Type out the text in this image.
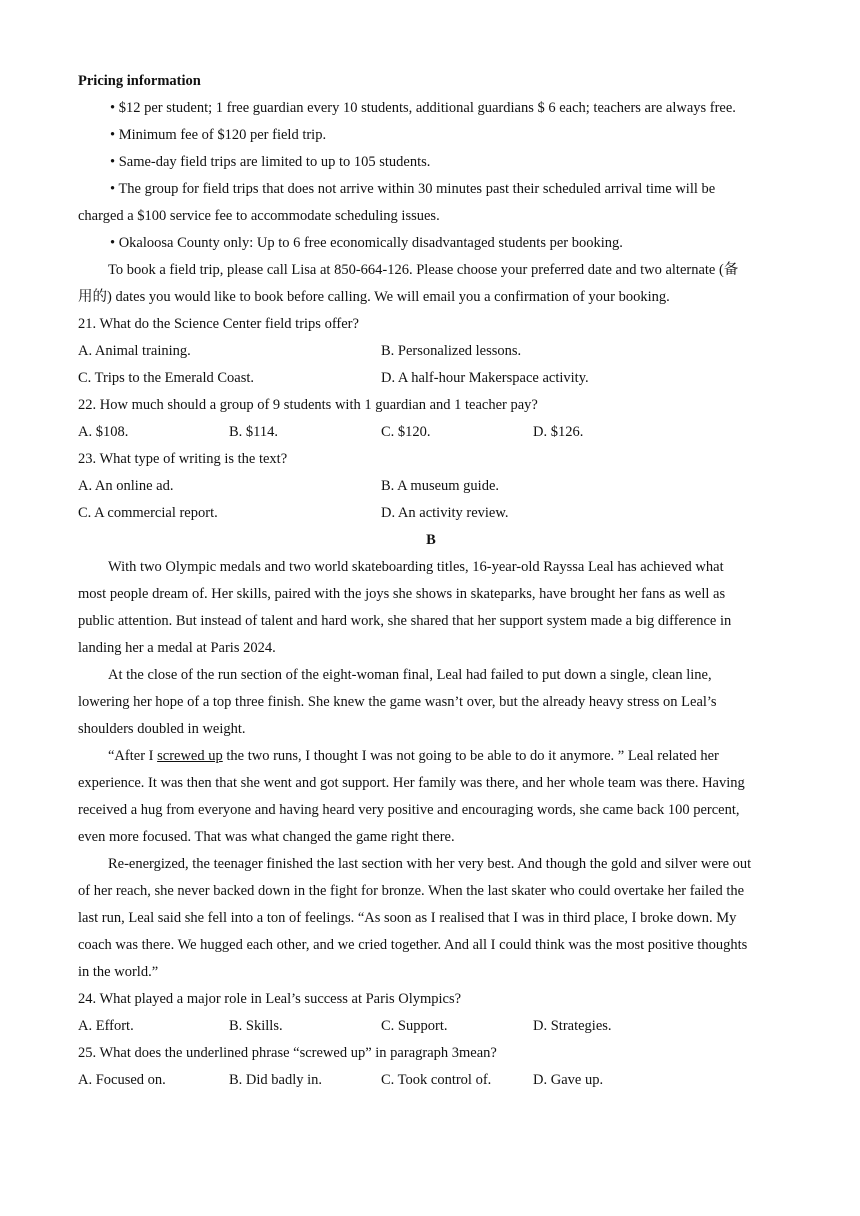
Pricing information
• $12 per student; 1 free guardian every 10 students, additional guardians $ 6 each; teachers are always free.
• Minimum fee of $120 per field trip.
• Same-day field trips are limited to up to 105 students.
• The group for field trips that does not arrive within 30 minutes past their scheduled arrival time will be
charged a $100 service fee to accommodate scheduling issues.
• Okaloosa County only: Up to 6 free economically disadvantaged students per booking.
To book a field trip, please call Lisa at 850-664-126. Please choose your preferred date and two alternate (备
用的) dates you would like to book before calling. We will email you a confirmation of your booking.
21. What do the Science Center field trips offer?
A. Animal training.	B. Personalized lessons.
C. Trips to the Emerald Coast.	D. A half-hour Makerspace activity.
22. How much should a group of 9 students with 1 guardian and 1 teacher pay?
A. $108.	B. $114.	C. $120.	D. $126.
23. What type of writing is the text?
A. An online ad.	B. A museum guide.
C. A commercial report.	D. An activity review.
B
With two Olympic medals and two world skateboarding titles, 16-year-old Rayssa Leal has achieved what
most people dream of. Her skills, paired with the joys she shows in skateparks, have brought her fans as well as
public attention. But instead of talent and hard work, she shared that her support system made a big difference in
landing her a medal at Paris 2024.
At the close of the run section of the eight-woman final, Leal had failed to put down a single, clean line,
lowering her hope of a top three finish. She knew the game wasn’t over, but the already heavy stress on Leal’s
shoulders doubled in weight.
“After I screwed up the two runs, I thought I was not going to be able to do it anymore. ” Leal related her
experience. It was then that she went and got support. Her family was there, and her whole team was there. Having
received a hug from everyone and having heard very positive and encouraging words, she came back 100 percent,
even more focused. That was what changed the game right there.
Re-energized, the teenager finished the last section with her very best. And though the gold and silver were out
of her reach, she never backed down in the fight for bronze. When the last skater who could overtake her failed the
last run, Leal said she fell into a ton of feelings. “As soon as I realised that I was in third place, I broke down. My
coach was there. We hugged each other, and we cried together. And all I could think was the most positive thoughts
in the world.”
24. What played a major role in Leal’s success at Paris Olympics?
A. Effort.	B. Skills.	C. Support.	D. Strategies.
25. What does the underlined phrase “screwed up” in paragraph 3mean?
A. Focused on.	B. Did badly in.	C. Took control of.	D. Gave up.
